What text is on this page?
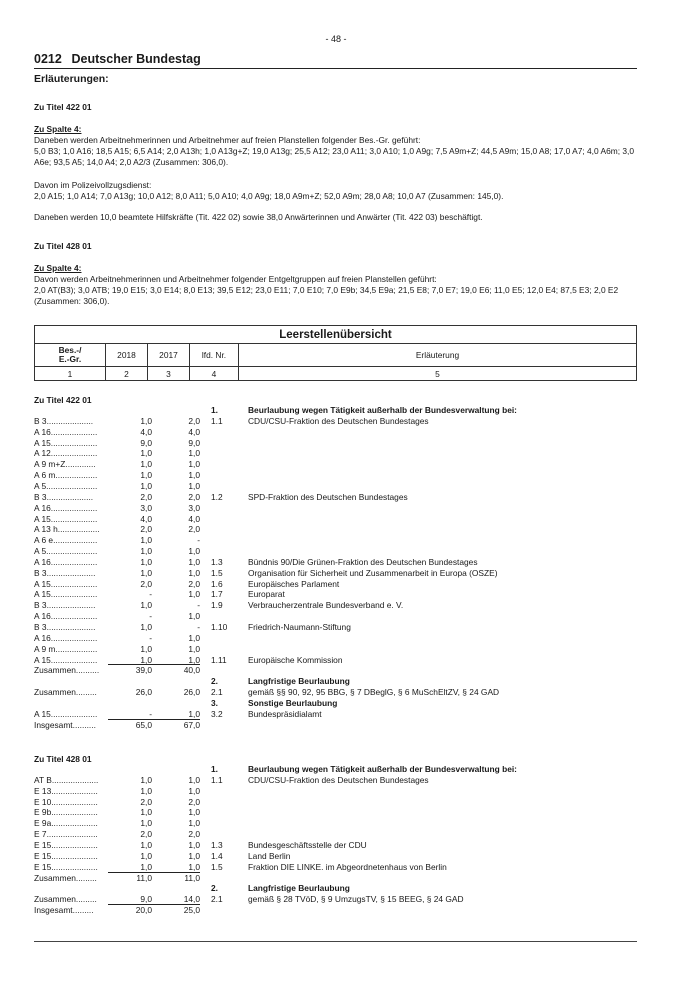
- 48 -
0212  Deutscher Bundestag
Erläuterungen:
Zu Titel 422 01
Zu Spalte 4:
Daneben werden Arbeitnehmerinnen und Arbeitnehmer auf freien Planstellen folgender Bes.-Gr. geführt:
5,0 B3; 1,0 A16; 18,5 A15; 6,5 A14; 2,0 A13h; 1,0 A13g+Z; 19,0 A13g; 25,5 A12; 23,0 A11; 3,0 A10; 1,0 A9g; 7,5 A9m+Z; 44,5 A9m; 15,0 A8; 17,0 A7; 4,0 A6m; 3,0 A6e; 93,5 A5; 14,0 A4; 2,0 A2/3 (Zusammen: 306,0).
Davon im Polizeivollzugsdienst:
2,0 A15; 1,0 A14; 7,0 A13g; 10,0 A12; 8,0 A11; 5,0 A10; 4,0 A9g; 18,0 A9m+Z; 52,0 A9m; 28,0 A8; 10,0 A7 (Zusammen: 145,0).
Daneben werden 10,0 beamtete Hilfskräfte (Tit. 422 02) sowie 38,0 Anwärterinnen und Anwärter (Tit. 422 03) beschäftigt.
Zu Titel 428 01
Zu Spalte 4:
Davon werden Arbeitnehmerinnen und Arbeitnehmer folgender Entgeltgruppen auf freien Planstellen geführt:
2,0 AT(B3); 3,0 ATB; 19,0 E15; 3,0 E14; 8,0 E13; 39,5 E12; 23,0 E11; 7,0 E10; 7,0 E9b; 34,5 E9a; 21,5 E8; 7,0 E7; 19,0 E6; 11,0 E5; 12,0 E4; 87,5 E3; 2,0 E2 (Zusammen: 306,0).
Leerstellenübersicht
Bes.-/
E.-Gr.	2018	2017	lfd. Nr.	Erläuterung
1	2	3	4	5
Zu Titel 422 01
1.	Beurlaubung wegen Tätigkeit außerhalb der Bundesverwaltung bei:
B 3....................	1,0	2,0 1.1	CDU/CSU-Fraktion des Deutschen Bundestages
A 16....................	4,0	4,0
A 15....................	9,0	9,0
A 12....................	1,0	1,0
A 9 m+Z.............	1,0	1,0
A 6 m..................	1,0	1,0
A 5......................	1,0	1,0
B 3....................	2,0	2,0 1.2	SPD-Fraktion des Deutschen Bundestages
A 16....................	3,0	3,0
A 15....................	4,0	4,0
A 13 h..................	2,0	2,0
A 6 e...................	1,0	-
A 5......................	1,0	1,0
A 16....................	1,0	1,0 1.3	Bündnis 90/Die Grünen-Fraktion des Deutschen Bundestages
B 3.....................	1,0	1,0 1.5	Organisation für Sicherheit und Zusammenarbeit in Europa (OSZE)
A 15....................	2,0	2,0 1.6	Europäisches Parlament
A 15....................	-	1,0 1.7	Europarat
B 3.....................	1,0	- 1.9	Verbraucherzentrale Bundesverband e. V.
A 16....................	-	1,0
B 3.....................	1,0	- 1.10 Friedrich-Naumann-Stiftung
A 16....................	-	1,0
A 9 m..................	1,0	1,0
A 15....................	1,0	1,0 1.11	Europäische Kommission
Zusammen..........	39,0	40,0
2.	Langfristige Beurlaubung
Zusammen.........	26,0	26,0 2.1	gemäß §§ 90, 92, 95 BBG, § 7 DBeglG, § 6 MuSchEltZV, § 24 GAD
3.	Sonstige Beurlaubung
A 15....................	-	1,0 3.2	Bundespräsidialamt
Insgesamt..........	65,0	67,0
Zu Titel 428 01
1.	Beurlaubung wegen Tätigkeit außerhalb der Bundesverwaltung bei:
AT B....................	1,0	1,0 1.1	CDU/CSU-Fraktion des Deutschen Bundestages
E 13....................	1,0	1,0
E 10....................	2,0	2,0
E 9b....................	1,0	1,0
E 9a....................	1,0	1,0
E 7......................	2,0	2,0
E 15....................	1,0	1,0 1.3	Bundesgeschäftsstelle der CDU
E 15....................	1,0	1,0 1.4	Land Berlin
E 15....................	1,0	1,0 1.5	Fraktion DIE LINKE. im Abgeordnetenhaus von Berlin
Zusammen.........	11,0	11,0
2.	Langfristige Beurlaubung
Zusammen.........	9,0	14,0 2.1	gemäß § 28 TVöD, § 9 UmzugsTV, § 15 BEEG, § 24 GAD
Insgesamt.........	20,0	25,0
